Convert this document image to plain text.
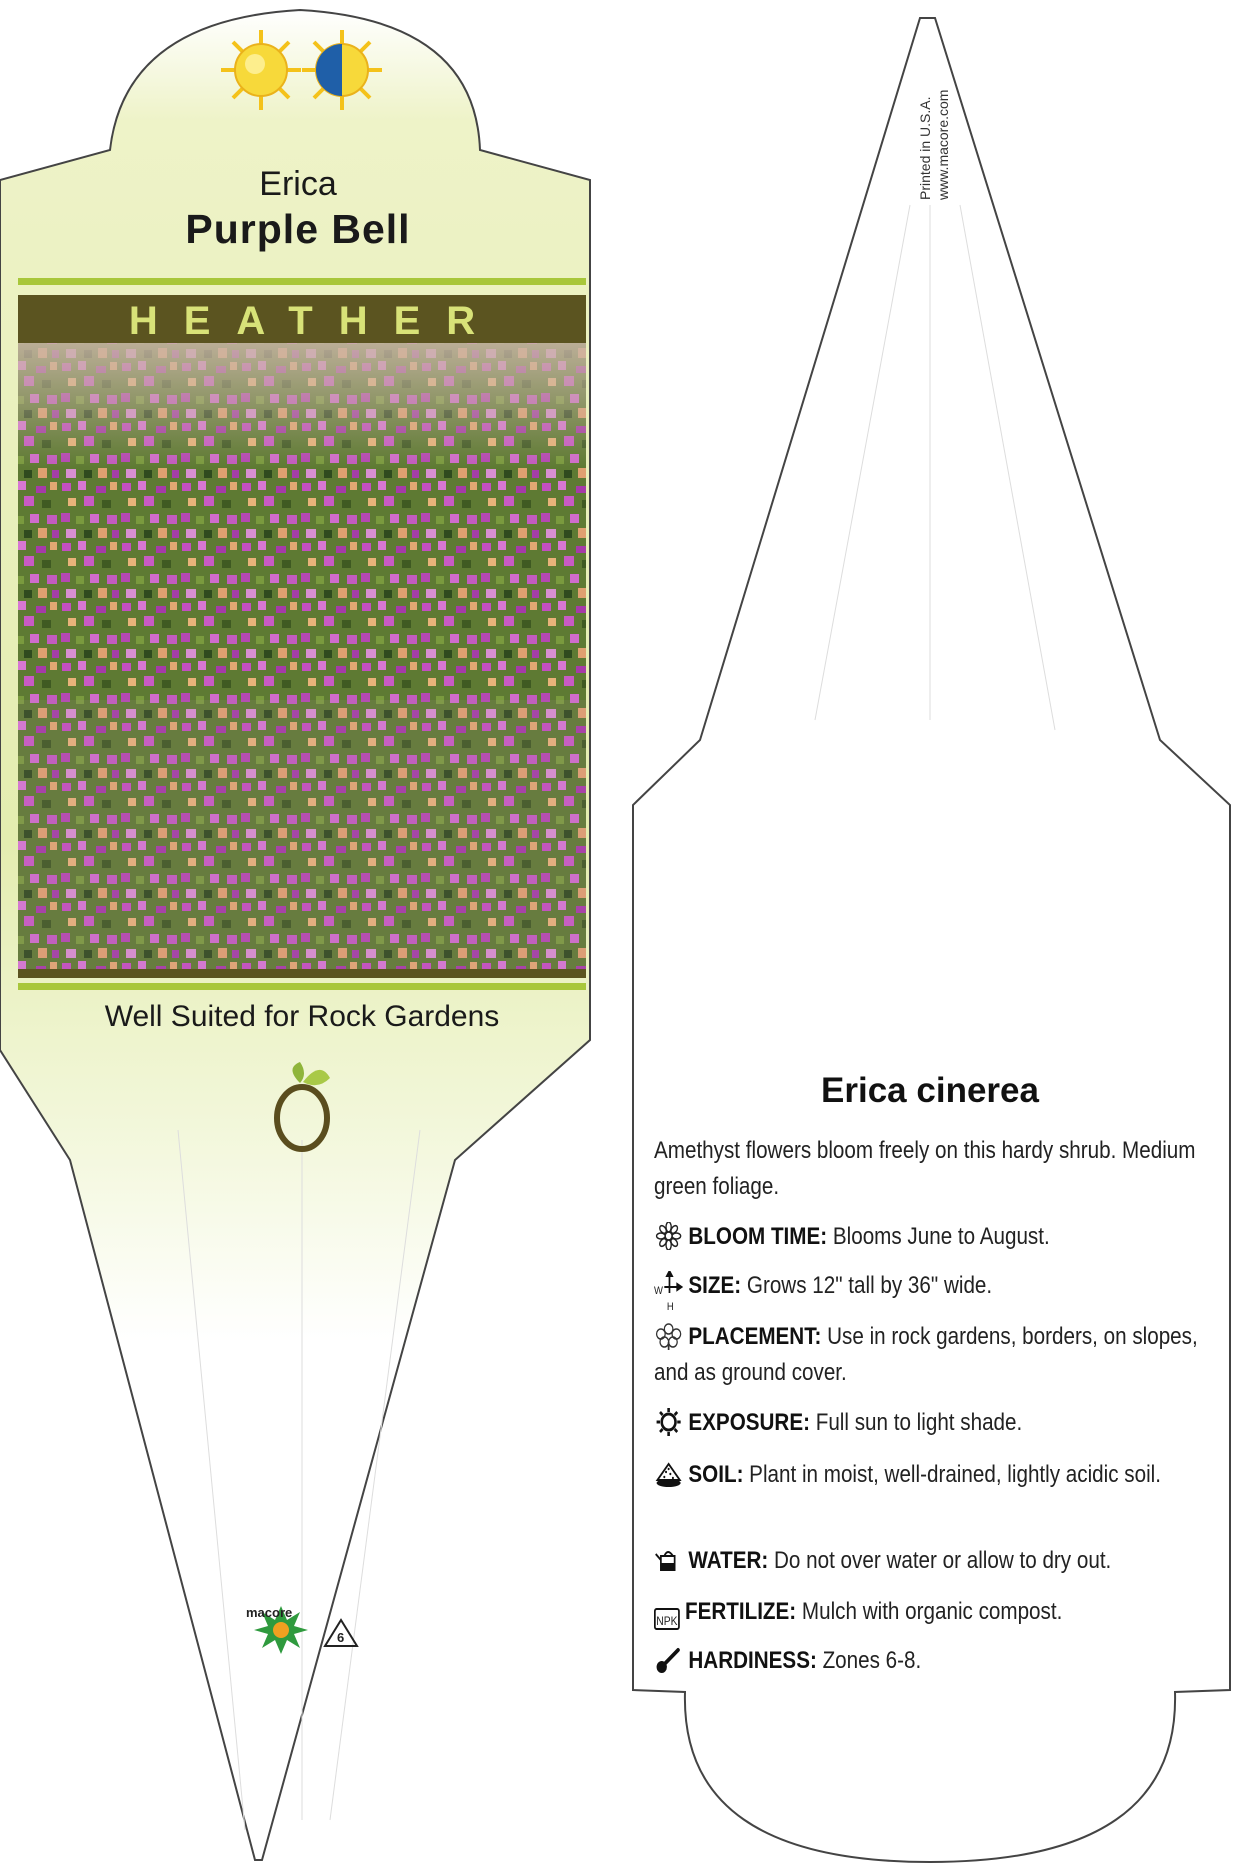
Erica
Purple Bell
HEATHER
Well Suited for Rock Gardens
macore
6
Printed in U.S.A. www.macore.com
Erica cinerea
Amethyst flowers bloom freely on this hardy shrub. Medium green foliage.
BLOOM TIME: Blooms June to August.
W
H
SIZE: Grows 12" tall by 36" wide.
PLACEMENT: Use in rock gardens, borders, on slopes, and as ground cover.
EXPOSURE: Full sun to light shade.
SOIL: Plant in moist, well-drained, lightly acidic soil.
WATER: Do not over water or allow to dry out.
NPK FERTILIZE: Mulch with organic compost.
HARDINESS: Zones 6-8.
